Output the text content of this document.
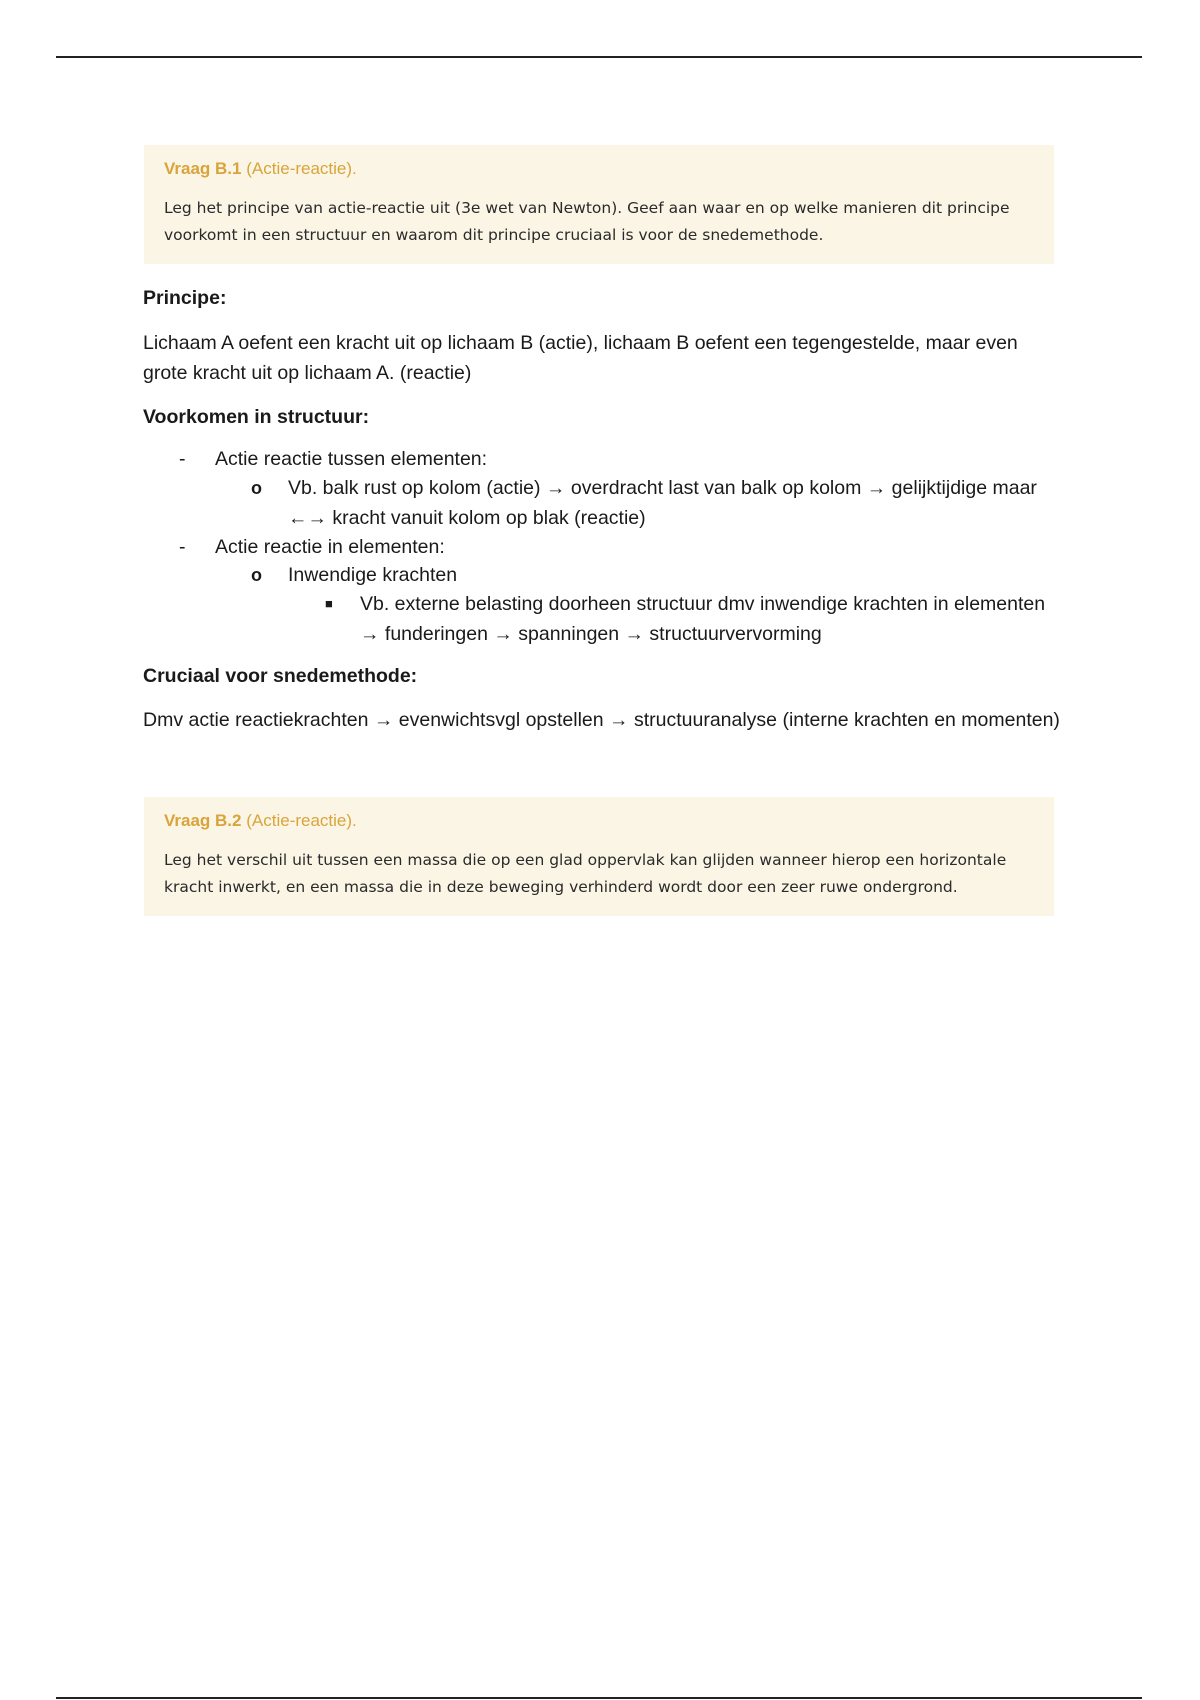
Vraag B.1 (Actie-reactie).
Leg het principe van actie-reactie uit (3e wet van Newton). Geef aan waar en op welke manieren dit principe voorkomt in een structuur en waarom dit principe cruciaal is voor de snedemethode.

Principe:

Lichaam A oefent een kracht uit op lichaam B (actie), lichaam B oefent een tegengestelde, maar even grote kracht uit op lichaam A. (reactie)

Voorkomen in structuur:

- Actie reactie tussen elementen:

o Vb. balk rust op kolom (actie) → overdracht last van balk op kolom → gelijktijdige maar ←→ kracht vanuit kolom op blak (reactie)

- Actie reactie in elementen:

o Inwendige krachten

■ Vb. externe belasting doorheen structuur dmv inwendige krachten in elementen → funderingen → spanningen → structuurvervorming

Cruciaal voor snedemethode:

Dmv actie reactiekrachten → evenwichtsvgl opstellen → structuuranalyse (interne krachten en momenten)

Vraag B.2 (Actie-reactie).
Leg het verschil uit tussen een massa die op een glad oppervlak kan glijden wanneer hierop een horizontale kracht inwerkt, en een massa die in deze beweging verhinderd wordt door een zeer ruwe ondergrond.
